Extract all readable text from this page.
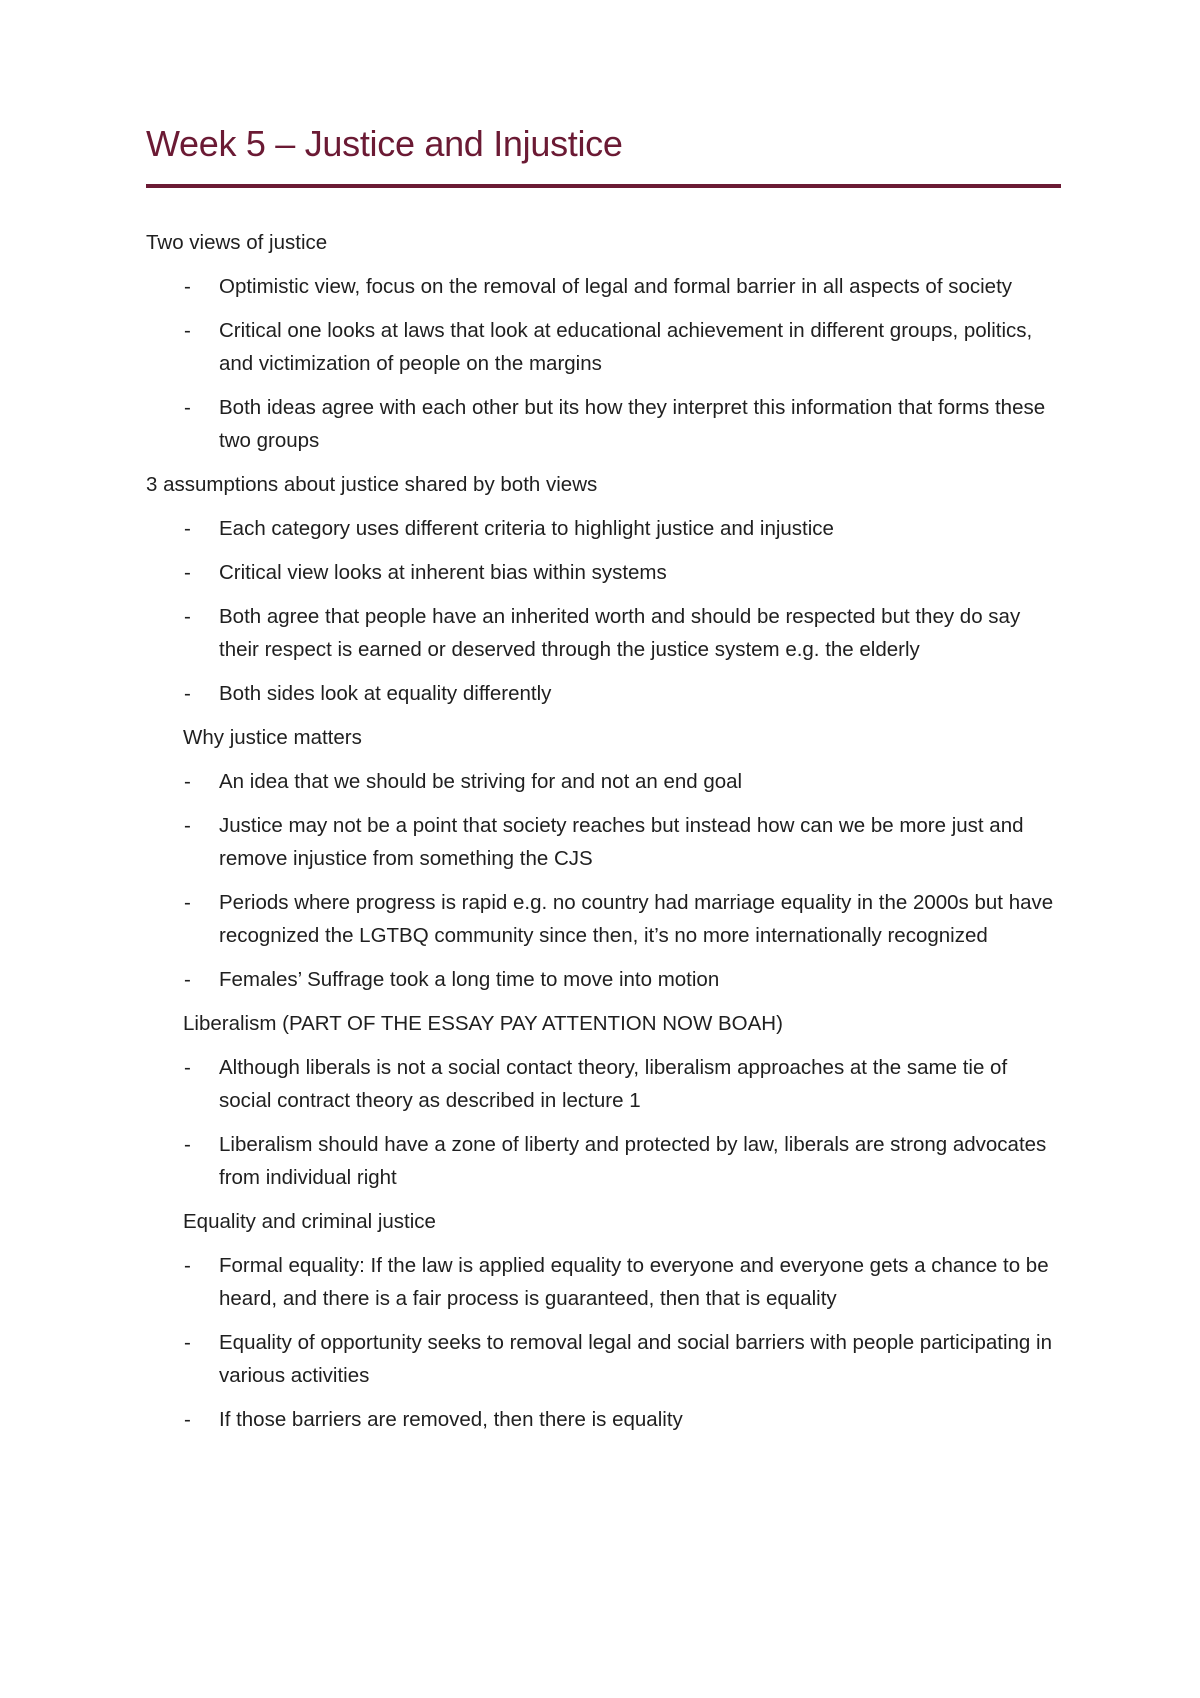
Week 5 – Justice and Injustice

Two views of justice

- Optimistic view, focus on the removal of legal and formal barrier in all aspects of society
- Critical one looks at laws that look at educational achievement in different groups, politics, and victimization of people on the margins
- Both ideas agree with each other but its how they interpret this information that forms these two groups

3 assumptions about justice shared by both views

- Each category uses different criteria to highlight justice and injustice
- Critical view looks at inherent bias within systems
- Both agree that people have an inherited worth and should be respected but they do say their respect is earned or deserved through the justice system e.g. the elderly
- Both sides look at equality differently

Why justice matters

- An idea that we should be striving for and not an end goal
- Justice may not be a point that society reaches but instead how can we be more just and remove injustice from something the CJS
- Periods where progress is rapid e.g. no country had marriage equality in the 2000s but have recognized the LGTBQ community since then, it’s no more internationally recognized
- Females’ Suffrage took a long time to move into motion

Liberalism (PART OF THE ESSAY PAY ATTENTION NOW BOAH)

- Although liberals is not a social contact theory, liberalism approaches at the same tie of social contract theory as described in lecture 1
- Liberalism should have a zone of liberty and protected by law, liberals are strong advocates from individual right

Equality and criminal justice

- Formal equality: If the law is applied equality to everyone and everyone gets a chance to be heard, and there is a fair process is guaranteed, then that is equality
- Equality of opportunity seeks to removal legal and social barriers with people participating in various activities
- If those barriers are removed, then there is equality
